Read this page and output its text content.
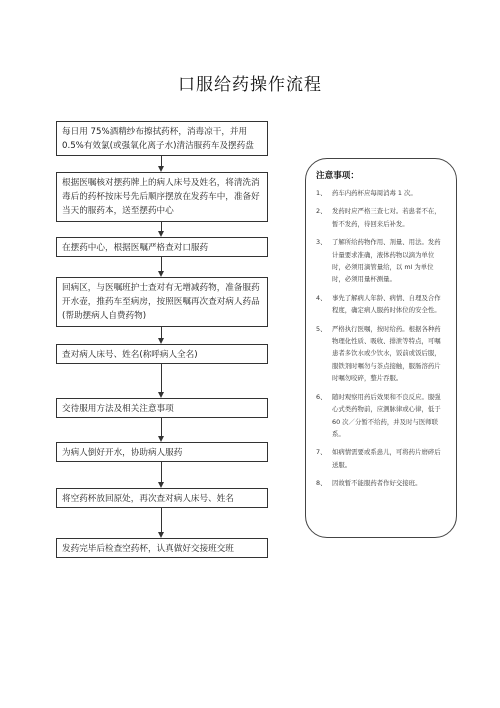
口服给药操作流程
每日用 75%酒精纱布擦拭药杯，消毒凉干，并用 0.5%有效氯(或强氧化离子水)清洁服药车及摆药盘
根据医嘱核对摆药牌上的病人床号及姓名，将清洗消毒后的药杯按床号先后顺序摆放在发药车中，准备好当天的服药本，送至摆药中心
在摆药中心，根据医嘱严格查对口服药
回病区，与医嘱班护士查对有无增减药物，准备服药开水壶，推药车至病房，按照医嘱再次查对病人药品(帮助摆病人自费药物)
查对病人床号、姓名(称呼病人全名)
交待服用方法及相关注意事项
为病人倒好开水，协助病人服药
将空药杯放回原处，再次查对病人床号、姓名
发药完毕后检查空药杯，认真做好交接班交班
注意事项：
1、 药车内药杯应每周消毒 1 次。
2、 发药时应严格三查七对。若患者不在，暂不发药，待回来后补发。
3、 了解所给药物作用、剂量、用法。发药计量要求准确，液体药物以滴为单位时，必须用滴管量给，以 ml 为单位时，必须用量杯测量。
4、 事先了解病人年龄、病情、自理及合作程度，确定病人服药时体位的安全性。
5、 严格执行医嘱，按时给药。根据各种药物理化性质、吸收、排泄等特点，可嘱患者多饮水或少饮水，饭前或饭后服，服铁剂时嘱勿与茶点接触，服肠溶药片时嘱勿咬碎，整片吞服。
6、 随时观察用药后效果和不良反应。服强心式类药物前，应测脉律或心律，低于 60 次／分暂不给药，并及时与医师联系。
7、 如病情需要或系患儿，可将药片磨碎后送服。
8、 因故暂不能服药者作好交接班。
